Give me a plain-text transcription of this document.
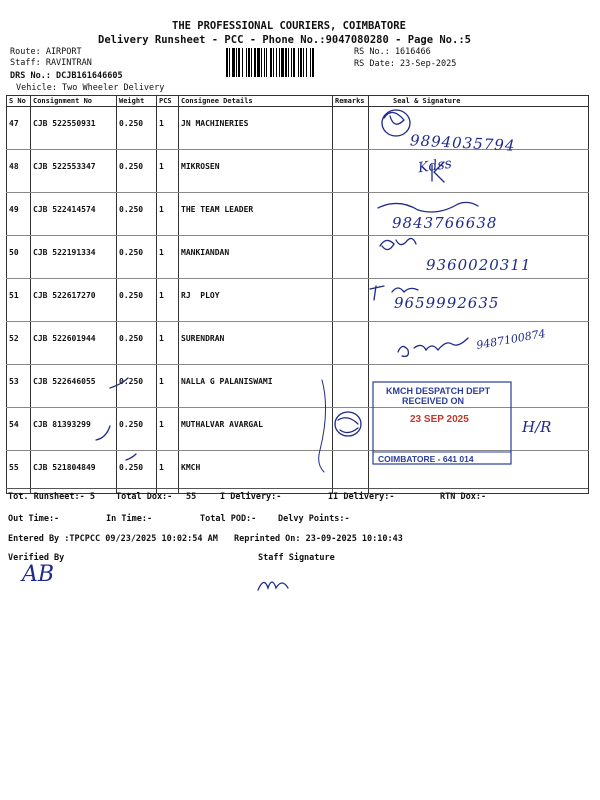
THE PROFESSIONAL COURIERS, COIMBATORE
Delivery Runsheet - PCC - Phone No.:9047080280 - Page No.:5
Route: AIRPORT
Staff: RAVINTRAN
DRS No.: DCJB161646605
Vehicle: Two Wheeler Delivery
RS No.: 1616466
RS Date: 23-Sep-2025
S No	Consignment No	Weight	PCS	Consignee Details	Remarks	Seal & Signature
47	CJB 522550931	0.250	1	JN MACHINERIES		
48	CJB 522553347	0.250	1	MIKROSEN		
49	CJB 522414574	0.250	1	THE TEAM LEADER		
50	CJB 522191334	0.250	1	MANKIANDAN		
51	CJB 522617270	0.250	1	RJ  PLOY		
52	CJB 522601944	0.250	1	SURENDRAN		
53	CJB 522646055	0.250	1	NALLA G PALANISWAMI		
54	CJB 81393299	0.250	1	MUTHALVAR AVARGAL		
55	CJB 521804849	0.250	1	KMCH		
9894035794
Kdss
9843766638
9360020311
9659992635
9487100874
H/R
KMCH DESPATCH DEPT
RECEIVED ON
23 SEP 2025
COIMBATORE - 641 014
Tot. Runsheet:- 5 Total Dox:- 55	I Delivery:-	II Delivery:-	RTN Dox:-
Out Time:-	In Time:-	Total POD:-	Delvy Points:-
Entered By :TPCPCC 09/23/2025 10:02:54 AM Reprinted On: 23-09-2025 10:10:43
Verified By
AB
Staff Signature
